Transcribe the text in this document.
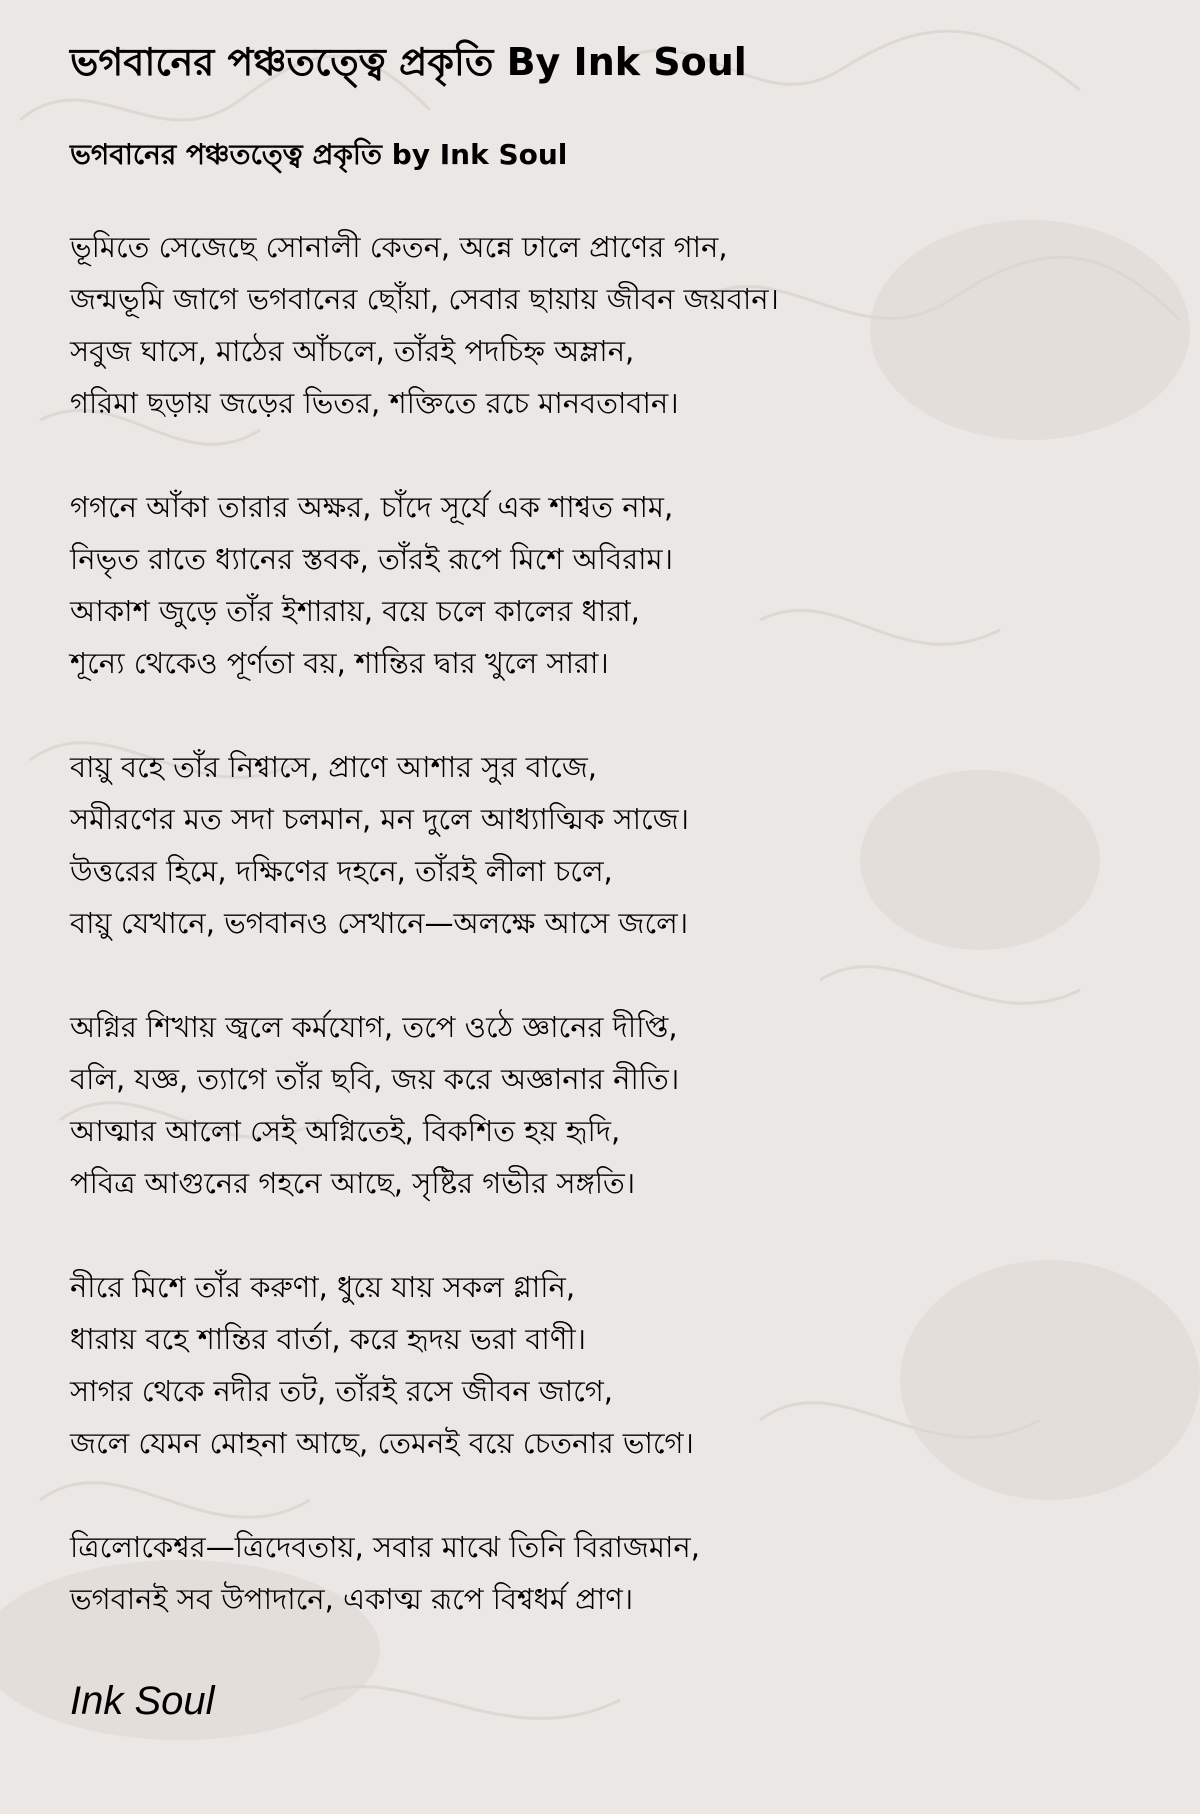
ভগবানের পঞ্চতত্ত্বে প্রকৃতি By Ink Soul
ভগবানের পঞ্চতত্ত্বে প্রকৃতি by Ink Soul
ভূমিতে সেজেছে সোনালী কেতন, অন্নে ঢালে প্রাণের গান,
জন্মভূমি জাগে ভগবানের ছোঁয়া, সেবার ছায়ায় জীবন জয়বান।
সবুজ ঘাসে, মাঠের আঁচলে, তাঁরই পদচিহ্ন অম্লান,
গরিমা ছড়ায় জড়ের ভিতর, শক্তিতে রচে মানবতাবান।
গগনে আঁকা তারার অক্ষর, চাঁদে সূর্যে এক শাশ্বত নাম,
নিভৃত রাতে ধ্যানের স্তবক, তাঁরই রূপে মিশে অবিরাম।
আকাশ জুড়ে তাঁর ইশারায়, বয়ে চলে কালের ধারা,
শূন্যে থেকেও পূর্ণতা বয়, শান্তির দ্বার খুলে সারা।
বায়ু বহে তাঁর নিশ্বাসে, প্রাণে আশার সুর বাজে,
সমীরণের মত সদা চলমান, মন দুলে আধ্যাত্মিক সাজে।
উত্তরের হিমে, দক্ষিণের দহনে, তাঁরই লীলা চলে,
বায়ু যেখানে, ভগবানও সেখানে—অলক্ষে আসে জলে।
অগ্নির শিখায় জ্বলে কর্মযোগ, তপে ওঠে জ্ঞানের দীপ্তি,
বলি, যজ্ঞ, ত্যাগে তাঁর ছবি, জয় করে অজ্ঞানার নীতি।
আত্মার আলো সেই অগ্নিতেই, বিকশিত হয় হৃদি,
পবিত্র আগুনের গহনে আছে, সৃষ্টির গভীর সঙ্গতি।
নীরে মিশে তাঁর করুণা, ধুয়ে যায় সকল গ্লানি,
ধারায় বহে শান্তির বার্তা, করে হৃদয় ভরা বাণী।
সাগর থেকে নদীর তট, তাঁরই রসে জীবন জাগে,
জলে যেমন মোহনা আছে, তেমনই বয়ে চেতনার ভাগে।
ত্রিলোকেশ্বর—ত্রিদেবতায়, সবার মাঝে তিনি বিরাজমান,
ভগবানই সব উপাদানে, একাত্ম রূপে বিশ্বধর্ম প্রাণ।
Ink Soul
